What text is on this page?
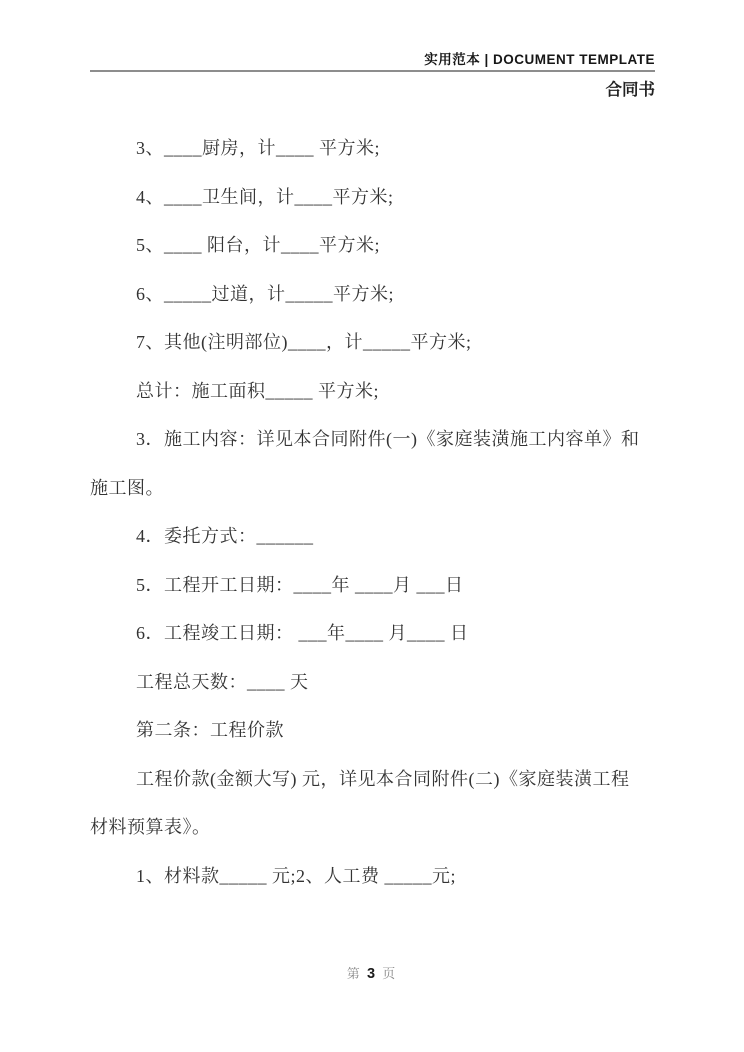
实用范本 | DOCUMENT TEMPLATE
合同书
3、____厨房，计____ 平方米;
4、____卫生间，计____平方米;
5、____ 阳台，计____平方米;
6、_____过道，计_____平方米;
7、其他(注明部位)____，计_____平方米;
总计：施工面积_____ 平方米;
3．施工内容：详见本合同附件(一)《家庭装潢施工内容单》和
施工图。
4．委托方式：______
5．工程开工日期：____年 ____月 ___日
6．工程竣工日期： ___年____ 月____ 日
工程总天数：____ 天
第二条：工程价款
工程价款(金额大写) 元，详见本合同附件(二)《家庭装潢工程
材料预算表》。
1、材料款_____ 元;2、人工费 _____元;
第 3 页
